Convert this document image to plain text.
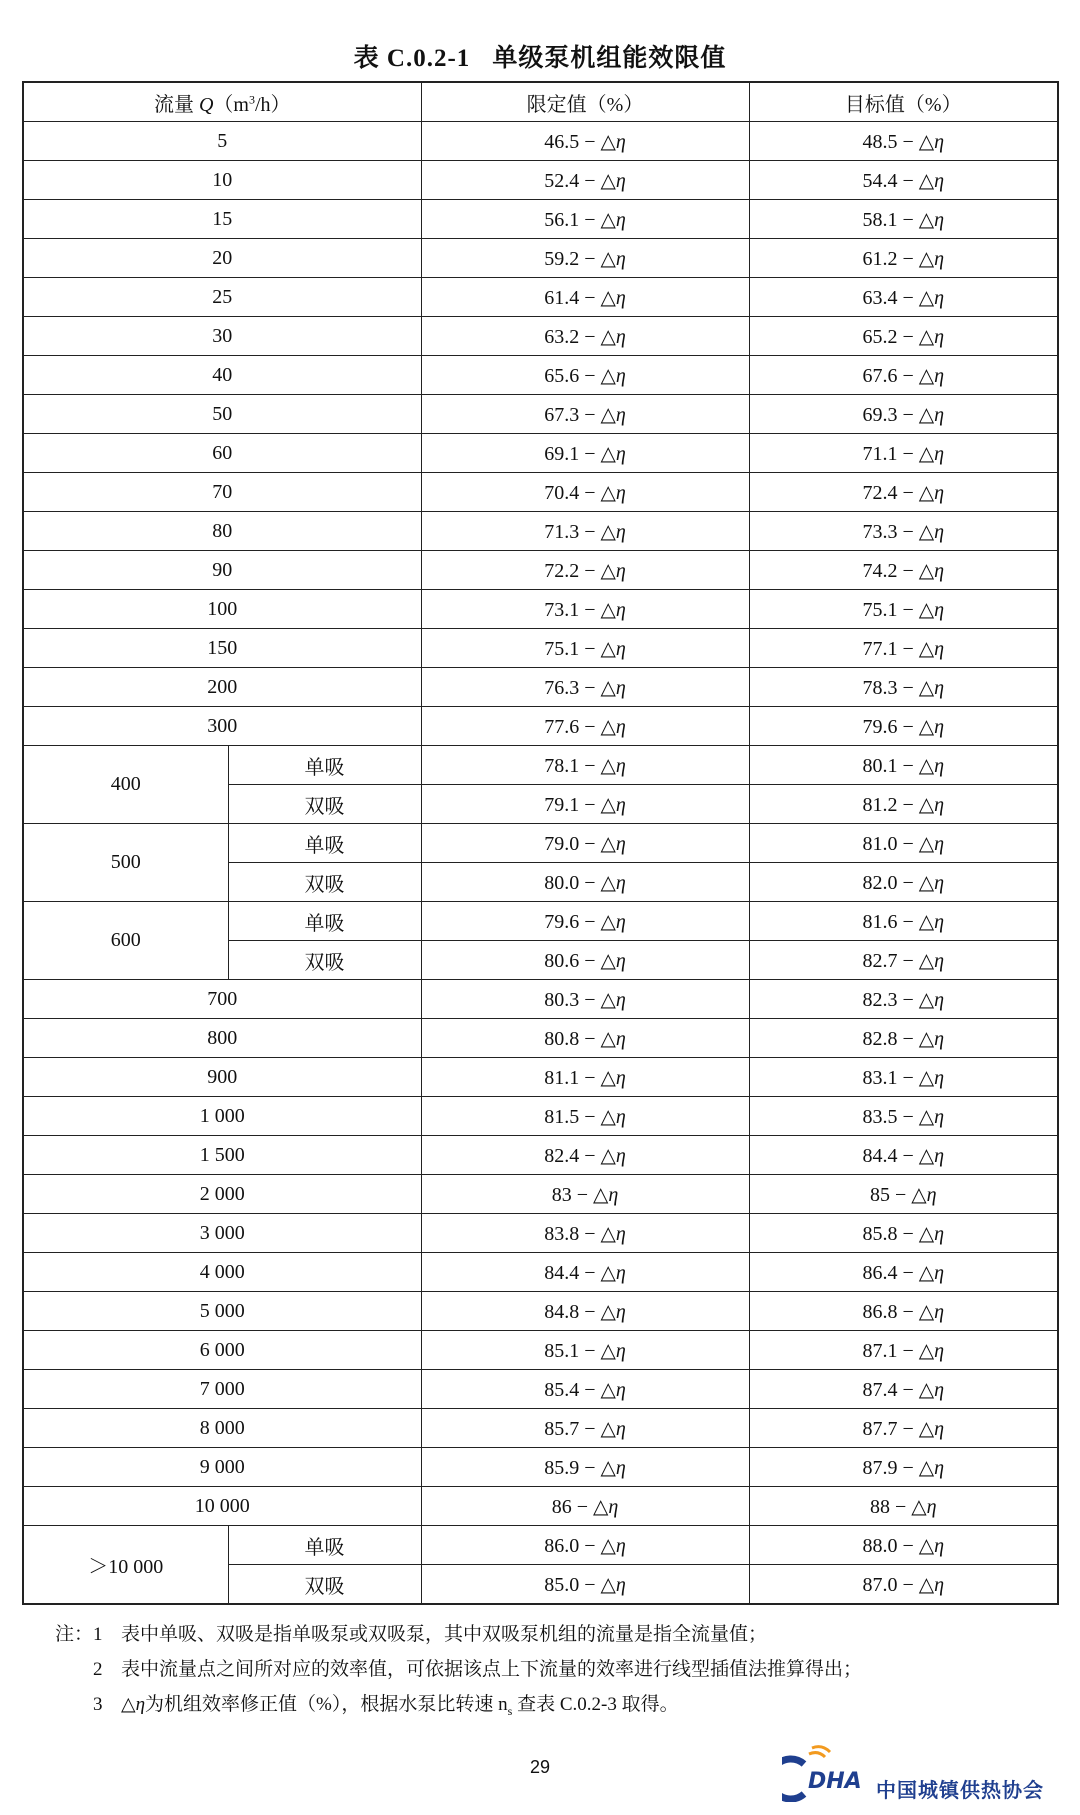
表 C.0.2-1 单级泵机组能效限值
流量 $Q(m^3/h)$		限定值（%）	目标值（%）
5		46.5 − △η	48.5 − △η
10		52.4 − △η	54.4 − △η
15		56.1 − △η	58.1 − △η
20		59.2 − △η	61.2 − △η
25		61.4 − △η	63.4 − △η
30		63.2 − △η	65.2 − △η
40		65.6 − △η	67.6 − △η
50		67.3 − △η	69.3 − △η
60		69.1 − △η	71.1 − △η
70		70.4 − △η	72.4 − △η
80		71.3 − △η	73.3 − △η
90		72.2 − △η	74.2 − △η
100		73.1 − △η	75.1 − △η
150		75.1 − △η	77.1 − △η
200		76.3 − △η	78.3 − △η
300		77.6 − △η	79.6 − △η
400	单吸	78.1 − △η	80.1 − △η
	双吸	79.1 − △η	81.2 − △η
500	单吸	79.0 − △η	81.0 − △η
	双吸	80.0 − △η	82.0 − △η
600	单吸	79.6 − △η	81.6 − △η
	双吸	80.6 − △η	82.7 − △η
700		80.3 − △η	82.3 − △η
800		80.8 − △η	82.8 − △η
900		81.1 − △η	83.1 − △η
1 000		81.5 − △η	83.5 − △η
1 500		82.4 − △η	84.4 − △η
2 000		83 − △η	85 − △η
3 000		83.8 − △η	85.8 − △η
4 000		84.4 − △η	86.4 − △η
5 000		84.8 − △η	86.8 − △η
6 000		85.1 − △η	87.1 − △η
7 000		85.4 − △η	87.4 − △η
8 000		85.7 − △η	87.7 − △η
9 000		85.9 − △η	87.9 − △η
10 000		86 − △η	88 − △η
＞10 000	单吸	86.0 − △η	88.0 − △η
	双吸	85.0 − △η	87.0 − △η
注： 1 表中单吸、双吸是指单吸泵或双吸泵，其中双吸泵机组的流量是指全流量值；
2 表中流量点之间所对应的效率值，可依据该点上下流量的效率进行线型插值法推算得出；
3 △η为机组效率修正值（%），根据水泵比转速 $n_s$ 查表 C.0.2-3 取得。
29
DHA 中国城镇供热协会
